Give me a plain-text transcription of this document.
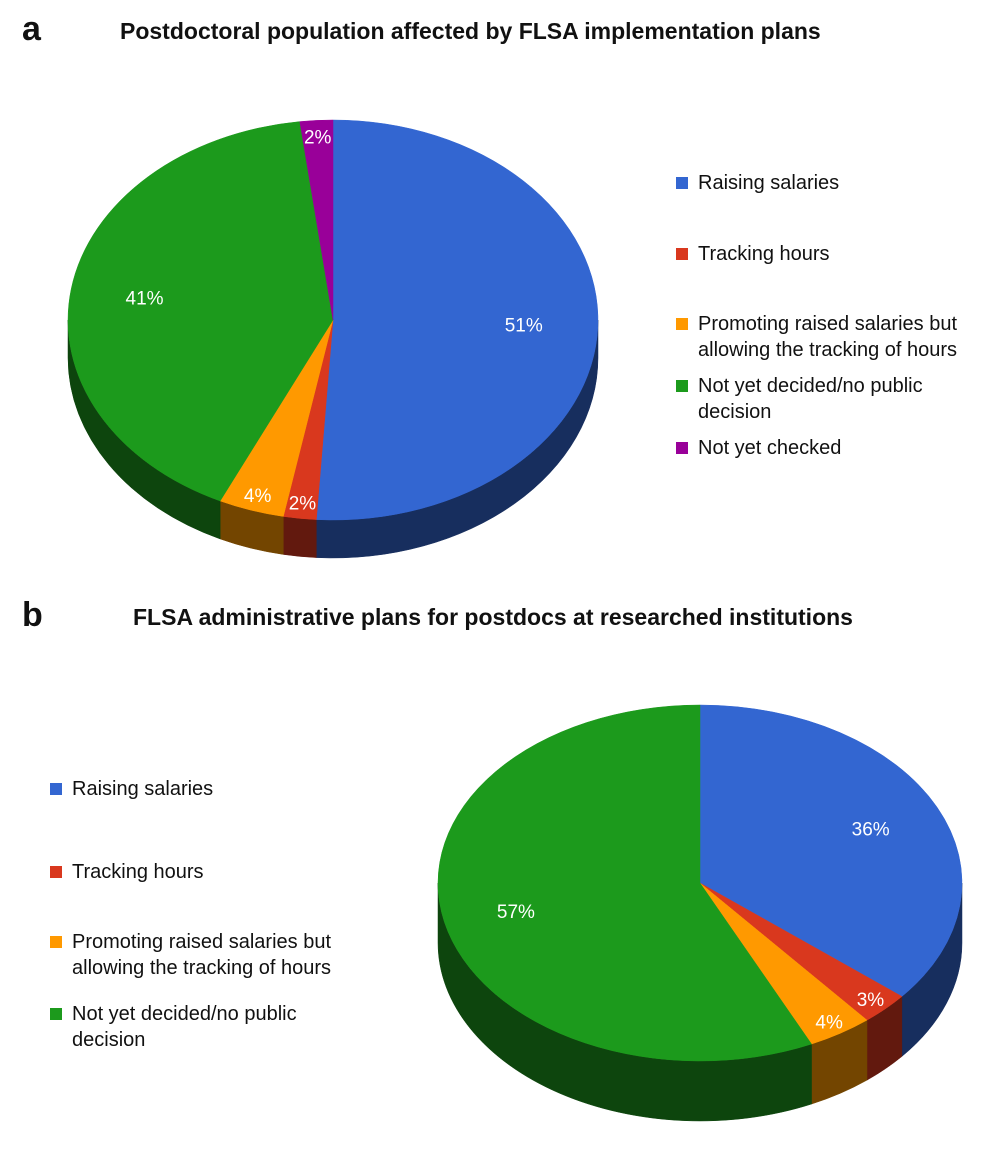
a	Postdoctoral population affected by FLSA implementation plans
51%
2%
4%
41%
2%
Raising salaries
Tracking hours
Promoting raised salaries but allowing the tracking of hours
Not yet decided/no public decision
Not yet checked
b	FLSA administrative plans for postdocs at researched institutions
36%
3%
4%
57%
Raising salaries
Tracking hours
Promoting raised salaries but allowing the tracking of hours
Not yet decided/no public decision
